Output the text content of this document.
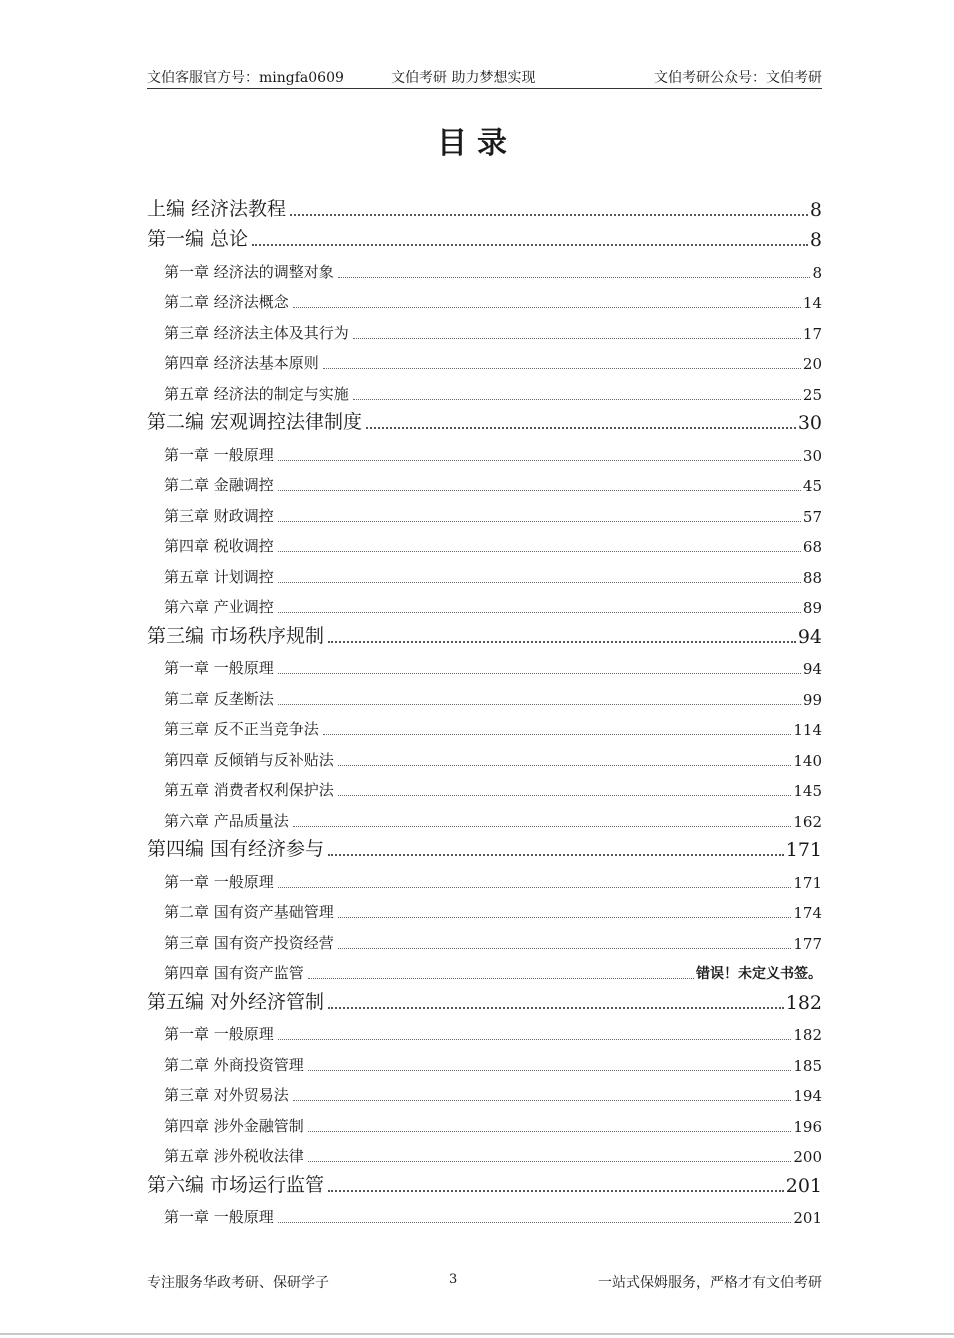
文伯客服官方号：mingfa0609	文伯考研 助力梦想实现	文伯考研公众号：文伯考研
目录
上编 经济法教程	8
第一编 总论	8
第一章 经济法的调整对象	8
第二章 经济法概念	14
第三章 经济法主体及其行为	17
第四章 经济法基本原则	20
第五章 经济法的制定与实施	25
第二编 宏观调控法律制度	30
第一章 一般原理	30
第二章 金融调控	45
第三章 财政调控	57
第四章 税收调控	68
第五章 计划调控	88
第六章 产业调控	89
第三编 市场秩序规制	94
第一章 一般原理	94
第二章 反垄断法	99
第三章 反不正当竞争法	114
第四章 反倾销与反补贴法	140
第五章 消费者权利保护法	145
第六章 产品质量法	162
第四编 国有经济参与	171
第一章 一般原理	171
第二章 国有资产基础管理	174
第三章 国有资产投资经营	177
第四章 国有资产监管	错误！未定义书签。
第五编 对外经济管制	182
第一章 一般原理	182
第二章 外商投资管理	185
第三章 对外贸易法	194
第四章 涉外金融管制	196
第五章 涉外税收法律	200
第六编 市场运行监管	201
第一章 一般原理	201
专注服务华政考研、保研学子	3	一站式保姆服务，严格才有文伯考研
